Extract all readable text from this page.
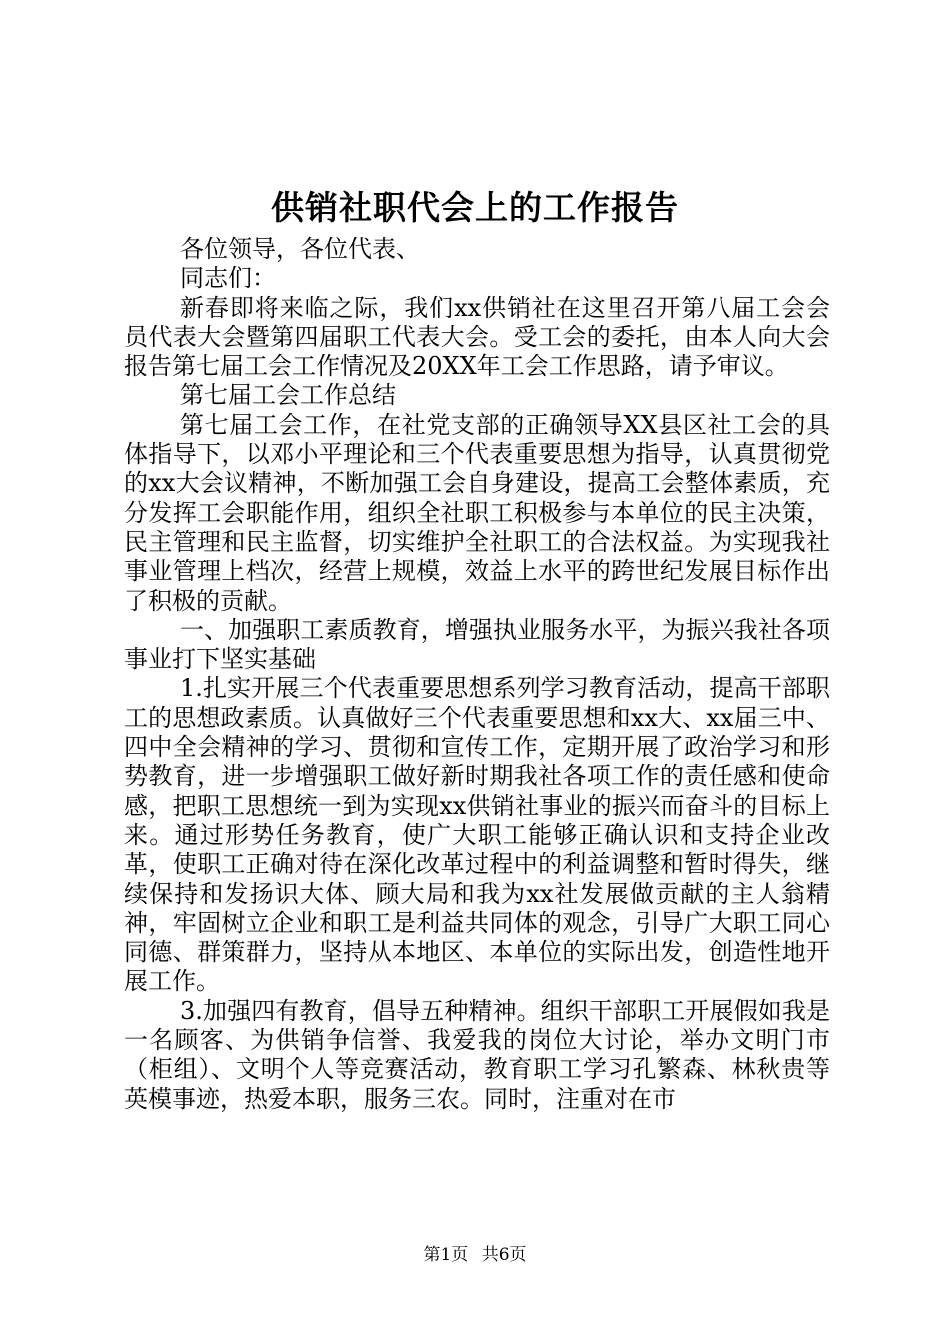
供销社职代会上的工作报告

各位领导，各位代表、

同志们：

新春即将来临之际，我们xx供销社在这里召开第八届工会会员代表大会暨第四届职工代表大会。受工会的委托，由本人向大会报告第七届工会工作情况及20XX年工会工作思路，请予审议。

第七届工会工作总结

第七届工会工作，在社党支部的正确领导XX县区社工会的具体指导下，以邓小平理论和三个代表重要思想为指导，认真贯彻党的xx大会议精神，不断加强工会自身建设，提高工会整体素质，充分发挥工会职能作用，组织全社职工积极参与本单位的民主决策，民主管理和民主监督，切实维护全社职工的合法权益。为实现我社事业管理上档次，经营上规模，效益上水平的跨世纪发展目标作出了积极的贡献。

一、加强职工素质教育，增强执业服务水平，为振兴我社各项事业打下坚实基础

1.扎实开展三个代表重要思想系列学习教育活动，提高干部职工的思想政素质。认真做好三个代表重要思想和xx大、xx届三中、四中全会精神的学习、贯彻和宣传工作，定期开展了政治学习和形势教育，进一步增强职工做好新时期我社各项工作的责任感和使命感，把职工思想统一到为实现xx供销社事业的振兴而奋斗的目标上来。通过形势任务教育，使广大职工能够正确认识和支持企业改革，使职工正确对待在深化改革过程中的利益调整和暂时得失，继续保持和发扬识大体、顾大局和我为xx社发展做贡献的主人翁精神，牢固树立企业和职工是利益共同体的观念，引导广大职工同心同德、群策群力，坚持从本地区、本单位的实际出发，创造性地开展工作。

3.加强四有教育，倡导五种精神。组织干部职工开展假如我是一名顾客、为供销争信誉、我爱我的岗位大讨论，举办文明门市（柜组）、文明个人等竞赛活动，教育职工学习孔繁森、林秋贵等英模事迹，热爱本职，服务三农。同时，注重对在市

第1页 共6页
